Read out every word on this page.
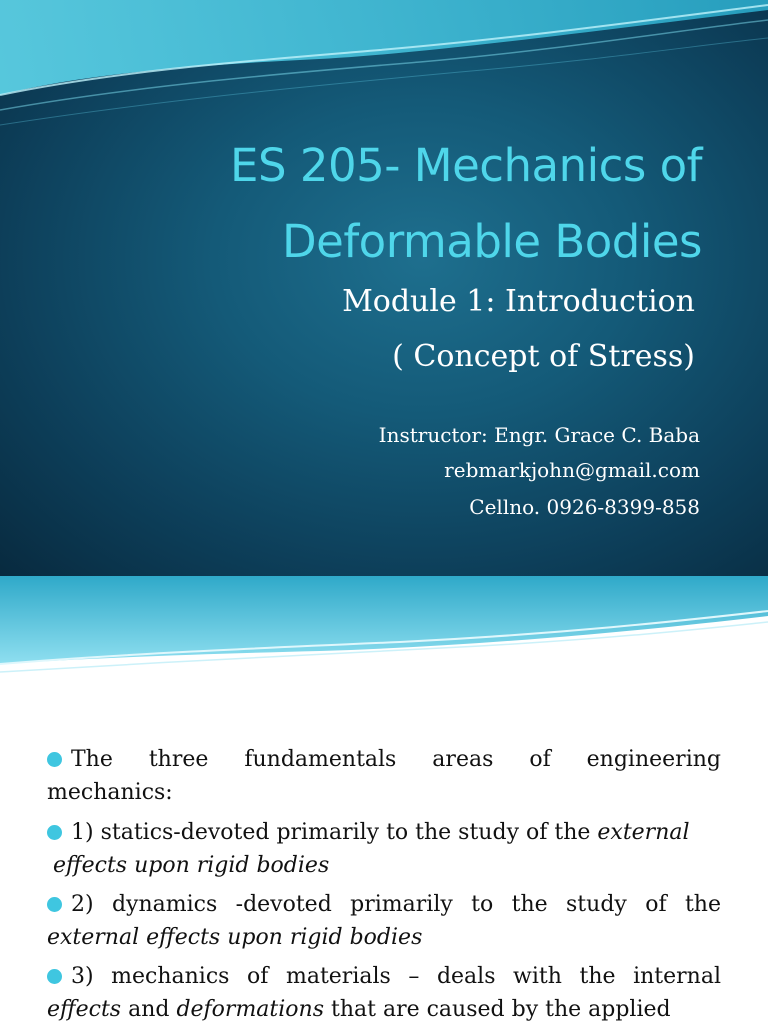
ES 205- Mechanics of
Deformable Bodies
Module 1: Introduction
( Concept of Stress)
Instructor: Engr. Grace C. Baba
rebmarkjohn@gmail.com
Cellno. 0926-8399-858
The three fundamentals areas of engineering
mechanics:
1) statics-devoted primarily to the study of the external
effects upon rigid bodies
2) dynamics -devoted primarily to the study of the
external effects upon rigid bodies
3) mechanics of materials – deals with the internal
effects and deformations that are caused by the applied
